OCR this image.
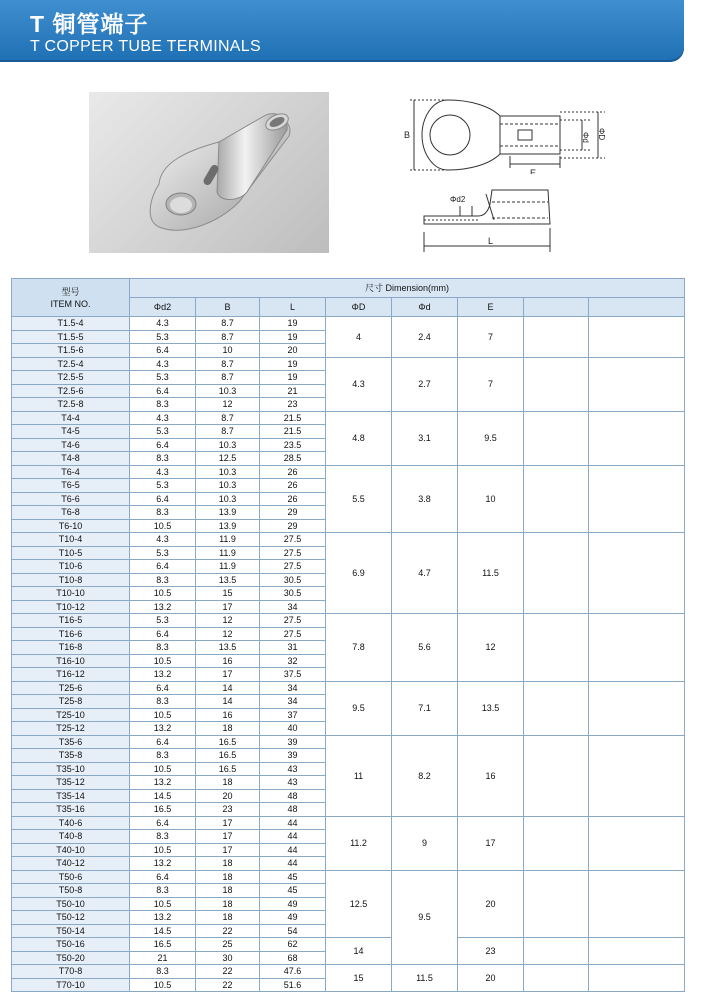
T 铜管端子
T COPPER TUBE TERMINALS
B
E
Φd ΦD
Φd2
L
型号
ITEM NO.	尺寸 Dimension(mm)							
	Φd2	B	L	ΦD	Φd	E		
T1.5-4	4.3	8.7	19	4	2.4	7		
T1.5-5	5.3	8.7	19					
T1.5-6	6.4	10	20					
T2.5-4	4.3	8.7	19	4.3	2.7	7		
T2.5-5	5.3	8.7	19					
T2.5-6	6.4	10.3	21					
T2.5-8	8.3	12	23					
T4-4	4.3	8.7	21.5	4.8	3.1	9.5		
T4-5	5.3	8.7	21.5					
T4-6	6.4	10.3	23.5					
T4-8	8.3	12.5	28.5					
T6-4	4.3	10.3	26	5.5	3.8	10		
T6-5	5.3	10.3	26					
T6-6	6.4	10.3	26					
T6-8	8.3	13.9	29					
T6-10	10.5	13.9	29					
T10-4	4.3	11.9	27.5	6.9	4.7	11.5		
T10-5	5.3	11.9	27.5					
T10-6	6.4	11.9	27.5					
T10-8	8.3	13.5	30.5					
T10-10	10.5	15	30.5					
T10-12	13.2	17	34					
T16-5	5.3	12	27.5	7.8	5.6	12		
T16-6	6.4	12	27.5					
T16-8	8.3	13.5	31					
T16-10	10.5	16	32					
T16-12	13.2	17	37.5					
T25-6	6.4	14	34	9.5	7.1	13.5		
T25-8	8.3	14	34					
T25-10	10.5	16	37					
T25-12	13.2	18	40					
T35-6	6.4	16.5	39	11	8.2	16		
T35-8	8.3	16.5	39					
T35-10	10.5	16.5	43					
T35-12	13.2	18	43					
T35-14	14.5	20	48					
T35-16	16.5	23	48					
T40-6	6.4	17	44	11.2	9	17		
T40-8	8.3	17	44					
T40-10	10.5	17	44					
T40-12	13.2	18	44					
T50-6	6.4	18	45	12.5	9.5	20		
T50-8	8.3	18	45					
T50-10	10.5	18	49					
T50-12	13.2	18	49					
T50-14	14.5	22	54					
T50-16	16.5	25	62	14		23		
T50-20	21	30	68					
T70-8	8.3	22	47.6	15	11.5	20		
T70-10	10.5	22	51.6					
